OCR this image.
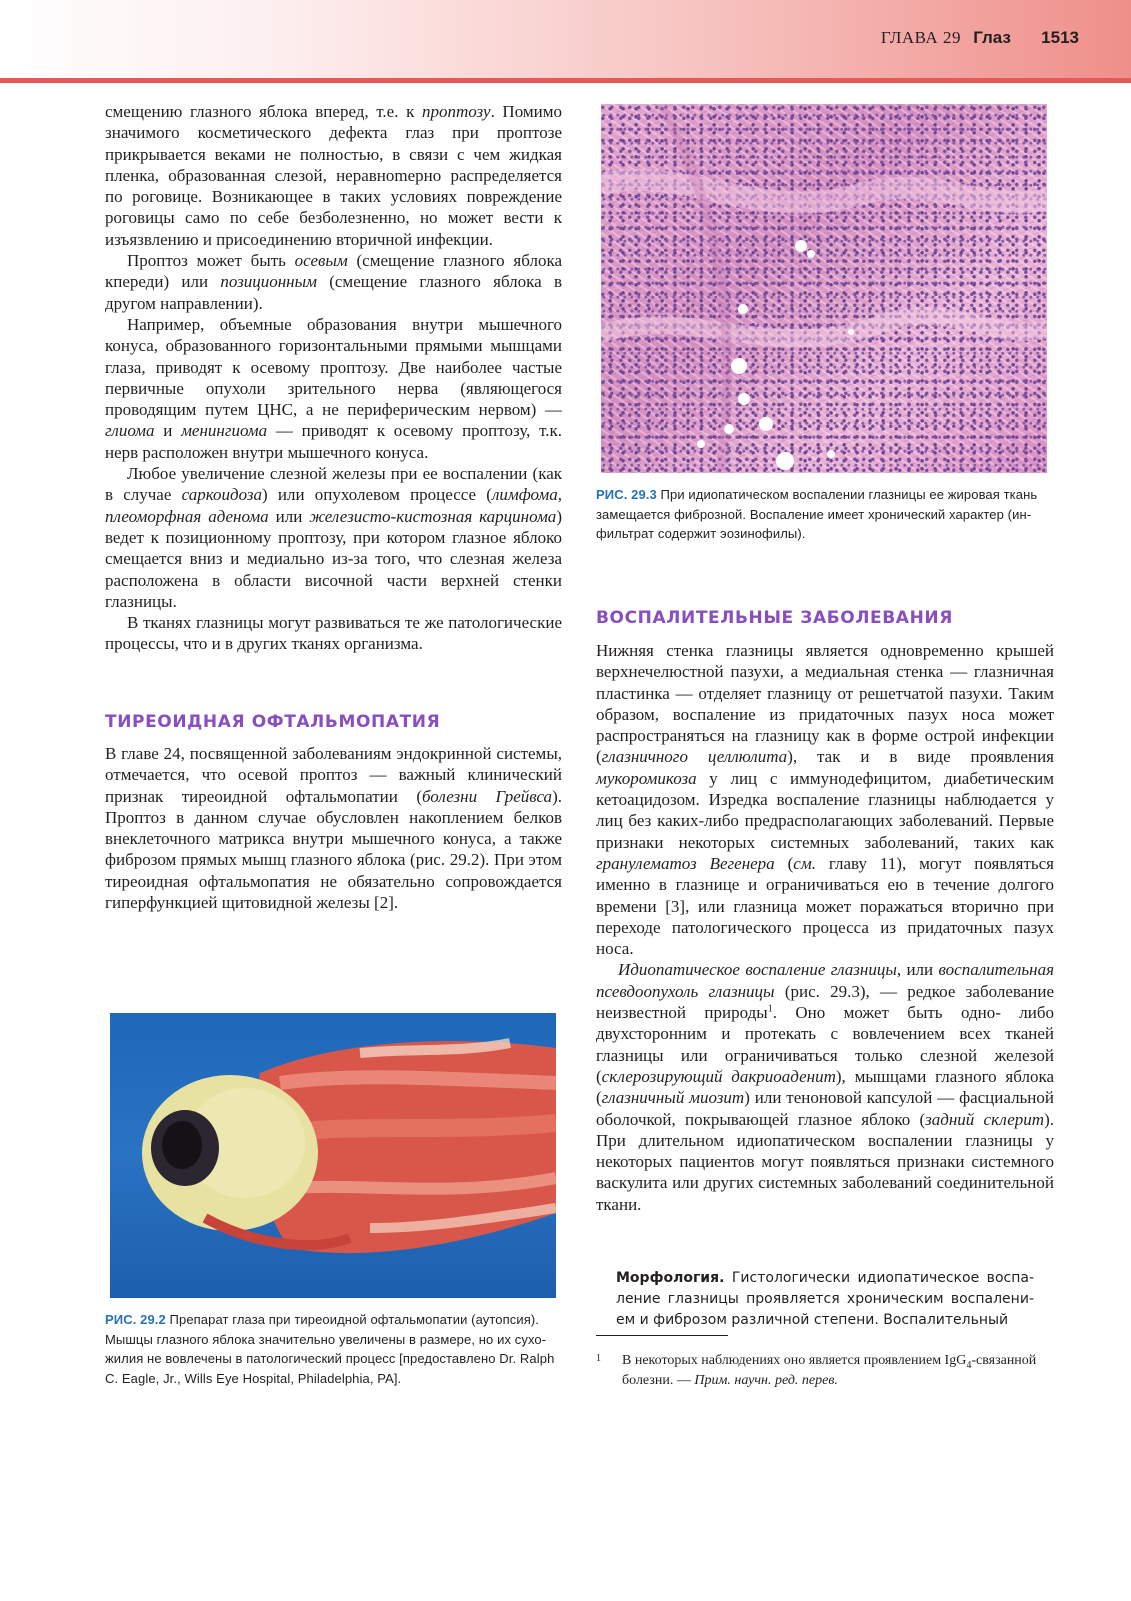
ГЛАВА 29 Глаз 1513

смещению глазного яблока вперед, т.е. к проптозу. Помимо значимого косметического дефекта глаз при проптозе прикрывается веками не полностью, в связи с чем жидкая пленка, образованная слезой, неравноmерно распределяется по роговице. Возникающее в таких условиях повреждение роговицы само по себе безболезненно, но может вести к изъязвлению и присоединению вторичной инфекции.

Проптоз может быть осевым (смещение глазного яблока кпереди) или позиционным (смещение глазного яблока в другом направлении).

Например, объемные образования внутри мышечного конуса, образованного горизонтальными прямыми мышцами глаза, приводят к осевому проптозу. Две наиболее частые первичные опухоли зрительного нерва (являющегося проводящим путем ЦНС, а не периферическим нервом) — глиома и менингиома — приводят к осевому проптозу, т.к. нерв расположен внутри мышечного конуса.

Любое увеличение слезной железы при ее воспалении (как в случае саркоидоза) или опухолевом процессе (лимфома, плеоморфная аденома или железисто-кистозная карцинома) ведет к позиционному проптозу, при котором глазное яблоко смещается вниз и медиально из-за того, что слезная железа расположена в области височной части верхней стенки глазницы.

В тканях глазницы могут развиваться те же патологические процессы, что и в других тканях организма.

ТИРЕОИДНАЯ ОФТАЛЬМОПАТИЯ

В главе 24, посвященной заболеваниям эндокринной системы, отмечается, что осевой проптоз — важный клинический признак тиреоидной офтальмопатии (болезни Грейвса). Проптоз в данном случае обусловлен накоплением белков внеклеточного матрикса внутри мышечного конуса, а также фиброзом прямых мышц глазного яблока (рис. 29.2). При этом тиреоидная офтальмопатия не обязательно сопровождается гиперфункцией щитовидной железы [2].

РИС. 29.2 Препарат глаза при тиреоидной офтальмопатии (аутопсия). Мышцы глазного яблока значительно увеличены в размере, но их сухожилия не вовлечены в патологический процесс [предоставлено Dr. Ralph C. Eagle, Jr., Wills Eye Hospital, Philadelphia, PA].

РИС. 29.3 При идиопатическом воспалении глазницы ее жировая ткань замещается фиброзной. Воспаление имеет хронический характер (инфильтрат содержит эозинофилы).

ВОСПАЛИТЕЛЬНЫЕ ЗАБОЛЕВАНИЯ

Нижняя стенка глазницы является одновременно крышей верхнечелюстной пазухи, а медиальная стенка — глазничная пластинка — отделяет глазницу от решетчатой пазухи. Таким образом, воспаление из придаточных пазух носа может распространяться на глазницу как в форме острой инфекции (глазничного целлюлита), так и в виде проявления мукоромикоза у лиц с иммунодефицитом, диабетическим кетоацидозом. Изредка воспаление глазницы наблюдается у лиц без каких-либо предрасполагающих заболеваний. Первые признаки некоторых системных заболеваний, таких как гранулематоз Вегенера (см. главу 11), могут появляться именно в глазнице и ограничиваться ею в течение долгого времени [3], или глазница может поражаться вторично при переходе патологического процесса из придаточных пазух носа.

Идиопатическое воспаление глазницы, или воспалительная псевдоопухоль глазницы (рис. 29.3), — редкое заболевание неизвестной природы$^1$. Оно может быть одно- либо двухсторонним и протекать с вовлечением всех тканей глазницы или ограничиваться только слезной железой (склерозирующий дакриоаденит), мышцами глазного яблока (глазничный миозит) или теноновой капсулой — фасциальной оболочкой, покрывающей глазное яблоко (задний склерит). При длительном идиопатическом воспалении глазницы у некоторых пациентов могут появляться признаки системного васкулита или других системных заболеваний соединительной ткани.

Морфология. Гистологически идиопатическое воспаление глазницы проявляется хроническим воспалением и фиброзом различной степени. Воспалительный

1	В некоторых наблюдениях оно является проявлением IgG$_4$-связанной болезни. — Прим. научн. ред. перев.
